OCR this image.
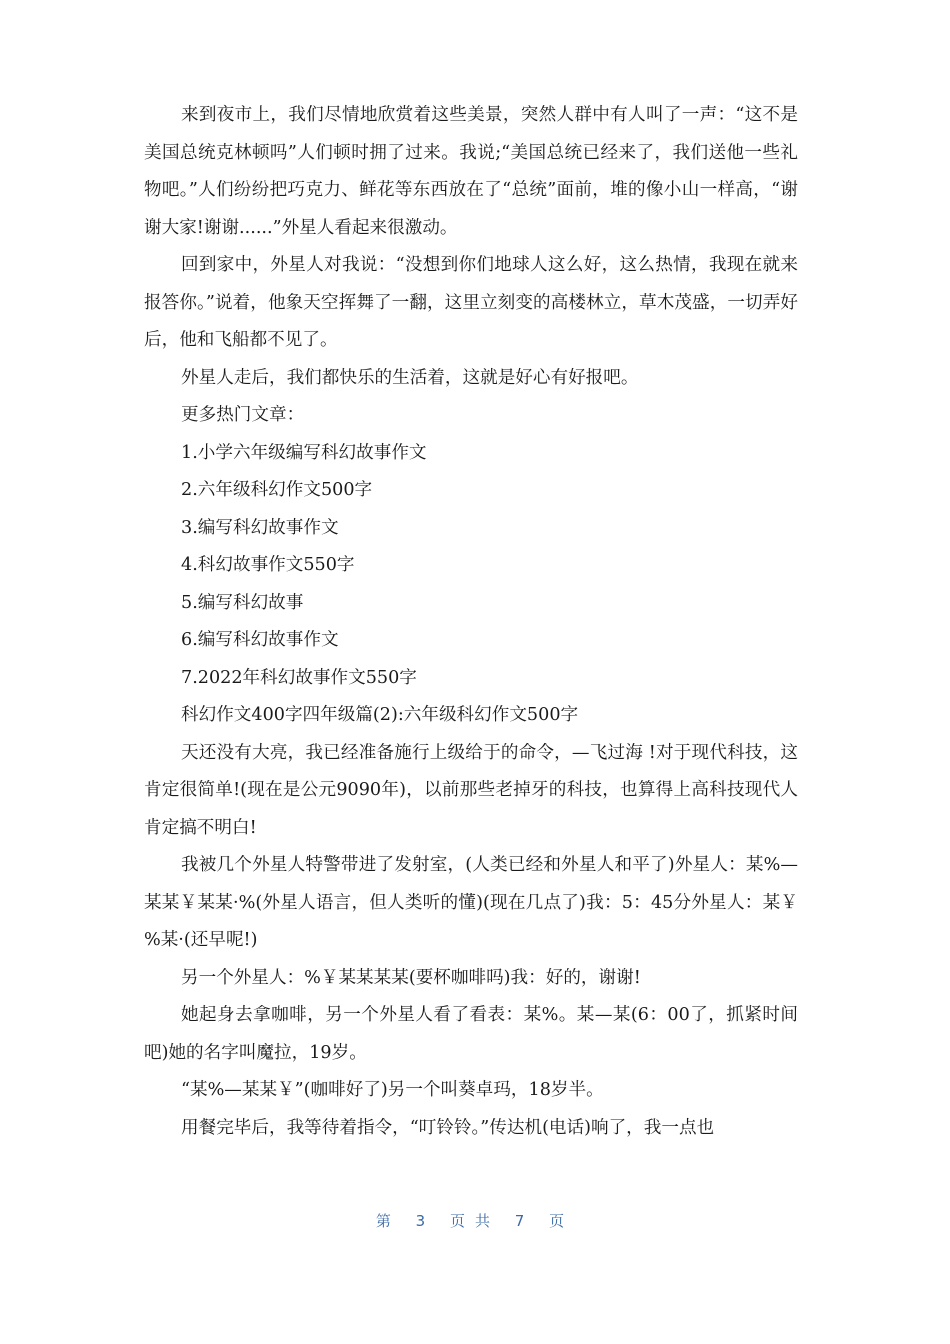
来到夜市上，我们尽情地欣赏着这些美景，突然人群中有人叫了一声：“这不是美国总统克林顿吗”人们顿时拥了过来。我说;“美国总统已经来了，我们送他一些礼物吧。”人们纷纷把巧克力、鲜花等东西放在了“总统”面前，堆的像小山一样高，“谢谢大家!谢谢......”外星人看起来很激动。

回到家中，外星人对我说：“没想到你们地球人这么好，这么热情，我现在就来报答你。”说着，他象天空挥舞了一翻，这里立刻变的高楼林立，草木茂盛，一切弄好后，他和飞船都不见了。

外星人走后，我们都快乐的生活着，这就是好心有好报吧。

更多热门文章：

1.小学六年级编写科幻故事作文

2.六年级科幻作文500字

3.编写科幻故事作文

4.科幻故事作文550字

5.编写科幻故事

6.编写科幻故事作文

7.2022年科幻故事作文550字

科幻作文400字四年级篇(2):六年级科幻作文500字

天还没有大亮，我已经准备施行上级给于的命令，—飞过海 !对于现代科技，这肯定很简单!(现在是公元9090年)，以前那些老掉牙的科技，也算得上高科技现代人肯定搞不明白!

我被几个外星人特警带进了发射室，(人类已经和外星人和平了)外星人：某%—某某￥某某·%(外星人语言，但人类听的懂)(现在几点了)我：5：45分外星人：某￥%某·(还早呢!)

另一个外星人：%￥某某某某(要杯咖啡吗)我：好的，谢谢!

她起身去拿咖啡，另一个外星人看了看表：某%。某—某(6：00了，抓紧时间吧)她的名字叫魔拉，19岁。

“某%—某某￥”(咖啡好了)另一个叫葵卓玛，18岁半。

用餐完毕后，我等待着指令，“叮铃铃。”传达机(电话)响了，我一点也

第 3 页共 7 页
